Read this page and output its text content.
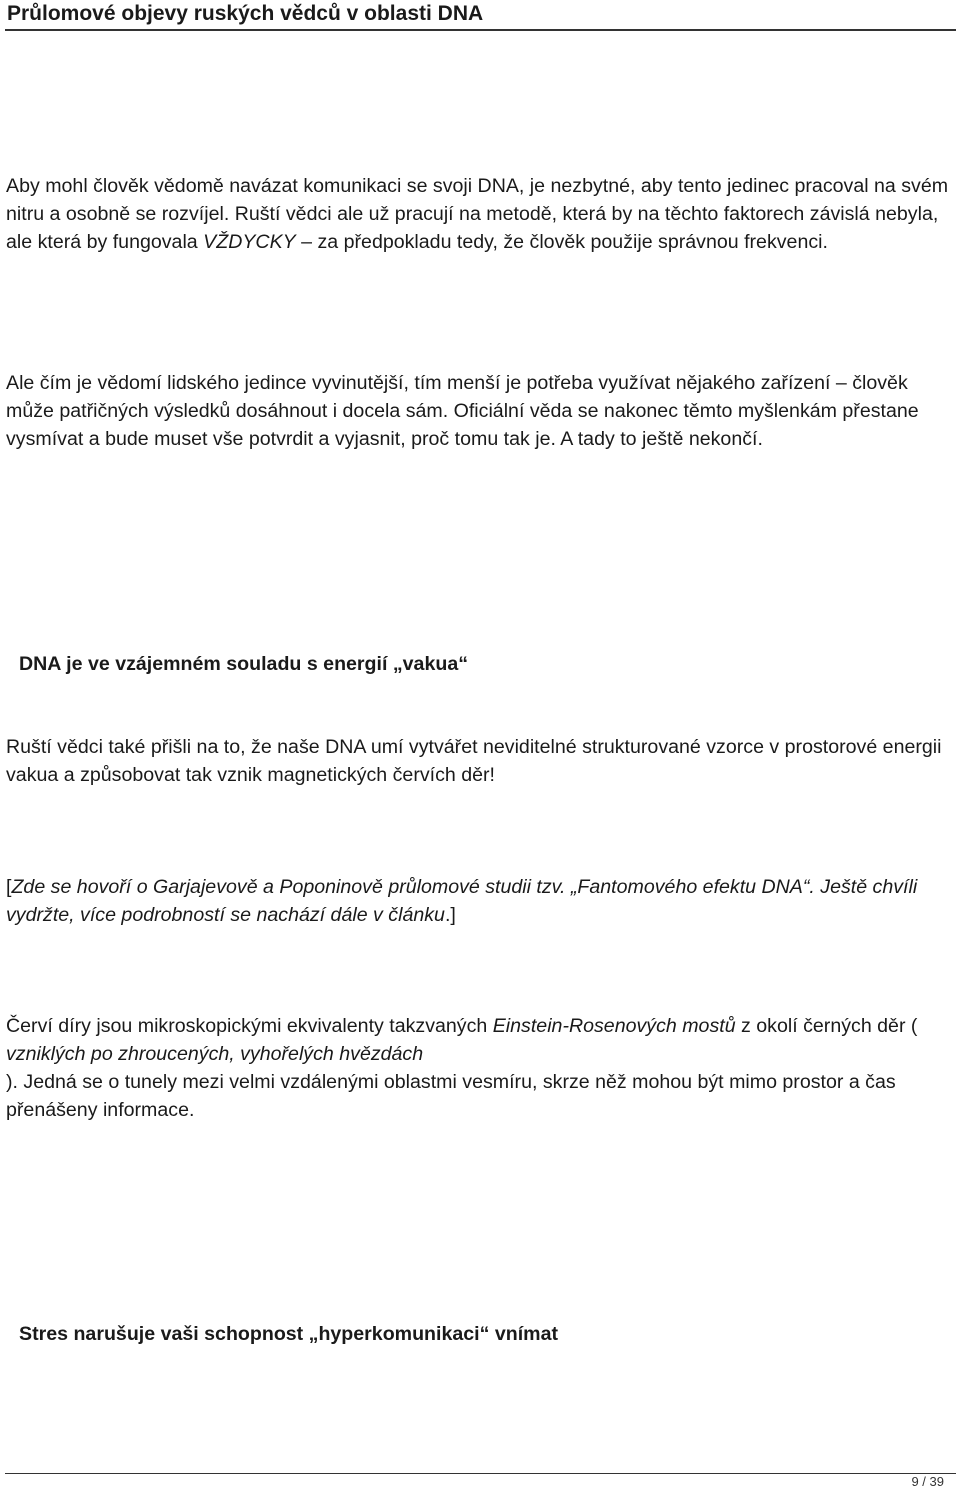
Průlomové objevy ruských vědců v oblasti DNA

Aby mohl člověk vědomě navázat komunikaci se svoji DNA, je nezbytné, aby tento jedinec pracoval na svém nitru a osobně se rozvíjel. Ruští vědci ale už pracují na metodě, která by na těchto faktorech závislá nebyla, ale která by fungovala VŽDYCKY – za předpokladu tedy, že člověk použije správnou frekvenci.

Ale čím je vědomí lidského jedince vyvinutější, tím menší je potřeba využívat nějakého zařízení – člověk může patřičných výsledků dosáhnout i docela sám. Oficiální věda se nakonec těmto myšlenkám přestane vysmívat a bude muset vše potvrdit a vyjasnit, proč tomu tak je. A tady to ještě nekončí.

DNA je ve vzájemném souladu s energií „vakua“

Ruští vědci také přišli na to, že naše DNA umí vytvářet neviditelné strukturované vzorce v prostorové energii vakua a způsobovat tak vznik magnetických červích děr!

[Zde se hovoří o Garjajevově a Poponinově průlomové studii tzv. „Fantomového efektu DNA“. Ještě chvíli vydržte, více podrobností se nachází dále v článku.]

Červí díry jsou mikroskopickými ekvivalenty takzvaných Einstein-Rosenových mostů z okolí černých děr (
vzniklých po zhroucených, vyhořelých hvězdách
). Jedná se o tunely mezi velmi vzdálenými oblastmi vesmíru, skrze něž mohou být mimo prostor a čas přenášeny informace.

Stres narušuje vaši schopnost „hyperkomunikaci“ vnímat
9 / 39
